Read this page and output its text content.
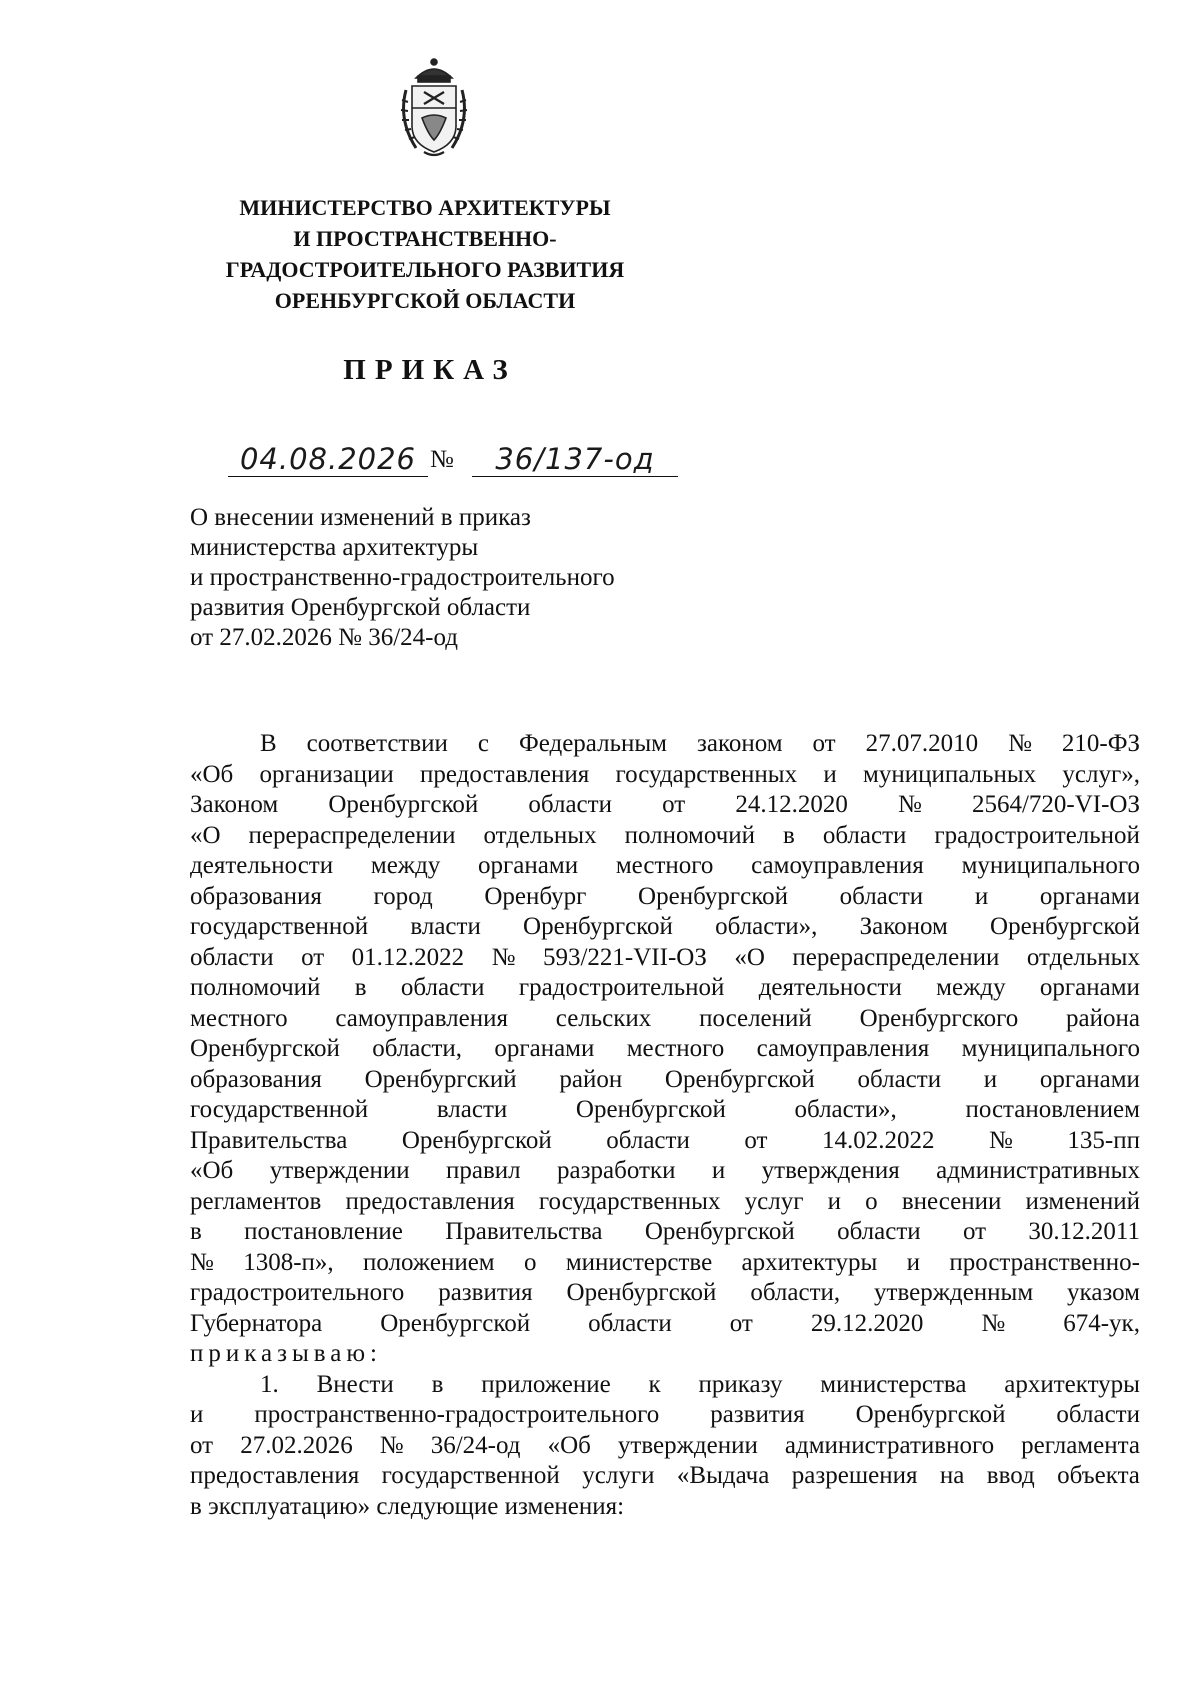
МИНИСТЕРСТВО АРХИТЕКТУРЫ
И ПРОСТРАНСТВЕННО-
ГРАДОСТРОИТЕЛЬНОГО РАЗВИТИЯ
ОРЕНБУРГСКОЙ ОБЛАСТИ
ПРИКАЗ
04.08.2026 №	36/137-од
О внесении изменений в приказ
министерства архитектуры
и пространственно-градостроительного
развития Оренбургской области
от 27.02.2026 № 36/24-од
В соответствии с Федеральным законом от 27.07.2010 № 210-ФЗ
«Об организации предоставления государственных и муниципальных услуг»,
Законом Оренбургской области от 24.12.2020 № 2564/720-VI-ОЗ
«О перераспределении отдельных полномочий в области градостроительной
деятельности между органами местного самоуправления муниципального
образования город Оренбург Оренбургской области и органами
государственной власти Оренбургской области», Законом Оренбургской
области от 01.12.2022 № 593/221-VII-ОЗ «О перераспределении отдельных
полномочий в области градостроительной деятельности между органами
местного самоуправления сельских поселений Оренбургского района
Оренбургской области, органами местного самоуправления муниципального
образования Оренбургский район Оренбургской области и органами
государственной	власти	Оренбургской	области»,	постановлением
Правительства Оренбургской области от 14.02.2022 № 135-пп
«Об утверждении правил разработки и утверждения административных
регламентов предоставления государственных услуг и о внесении изменений
в постановление Правительства Оренбургской области от 30.12.2011
№ 1308-п», положением о министерстве архитектуры и пространственно-
градостроительного развития Оренбургской области, утвержденным указом
Губернатора Оренбургской области от 29.12.2020 № 674-ук,
приказываю:
1. Внести в приложение к приказу министерства архитектуры
и пространственно-градостроительного развития Оренбургской области
от 27.02.2026 № 36/24-од «Об утверждении административного регламента
предоставления государственной услуги «Выдача разрешения на ввод объекта
в эксплуатацию» следующие изменения:
